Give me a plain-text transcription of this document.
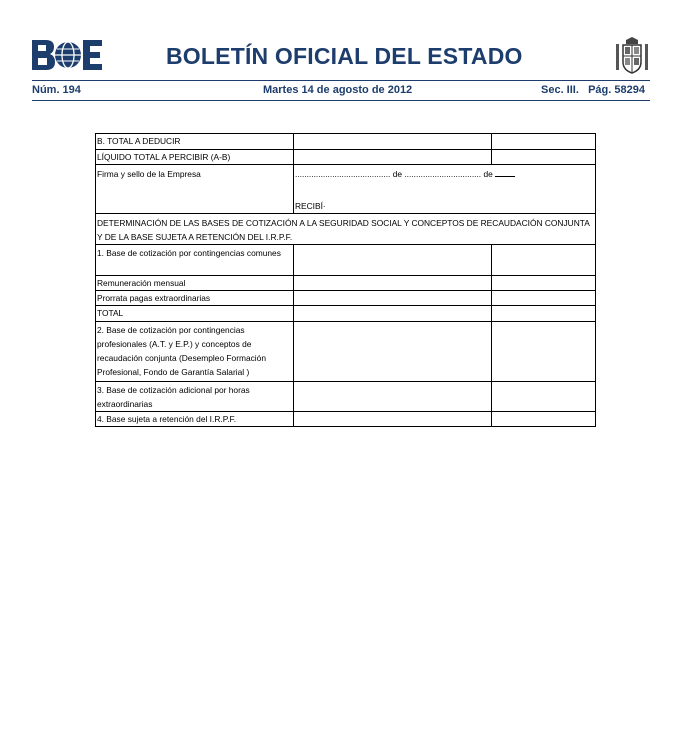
BOLETÍN OFICIAL DEL ESTADO
Núm. 194	Martes 14 de agosto de 2012	Sec. III.   Pág. 58294
B. TOTAL A DEDUCIR		
LÍQUIDO TOTAL A PERCIBIR (A-B)		
Firma y sello de la Empresa	......................................... de ................................. de
RECIBÍ·	

DETERMINACIÓN DE LAS BASES DE COTIZACIÓN A LA SEGURIDAD SOCIAL Y CONCEPTOS DE RECAUDACIÓN CONJUNTA Y DE LA BASE SUJETA A RETENCIÓN DEL I.R.P.F.		
1. Base de cotización por contingencias comunes		
Remuneración mensual		
Prorrata pagas extraordinarias		
TOTAL		
2. Base de cotización por contingencias profesionales (A.T. y E.P.) y conceptos de recaudación conjunta (Desempleo Formación Profesional, Fondo de Garantía Salarial )		
3. Base de cotización adicional por horas extraordinarias		
4. Base sujeta a retención del I.R.P.F.		
